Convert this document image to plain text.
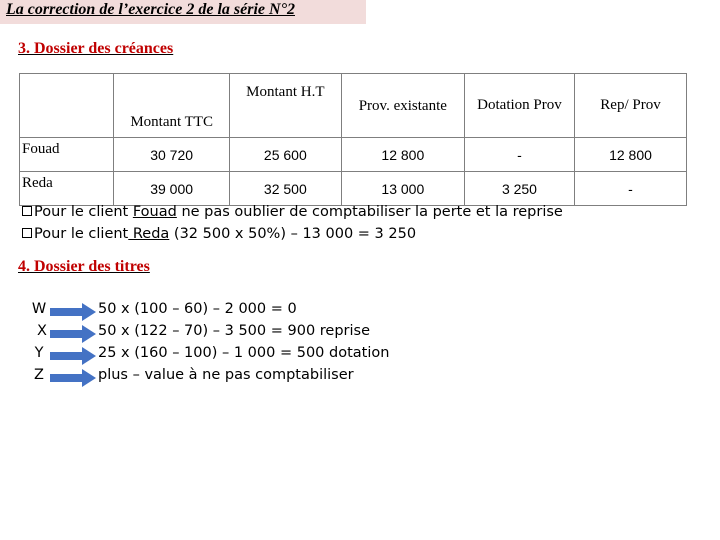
La correction de l’exercice 2 de la série N°2
3. Dossier des créances
	Montant TTC	Montant H.T	Prov. existante	Dotation Prov	Rep/ Prov
Fouad	30 720	25 600	12 800	-	12 800
Reda	39 000	32 500	13 000	3 250	-
Pour le client Fouad ne pas oublier de comptabiliser la perte et la reprise
Pour le client Reda (32 500 x 50%) – 13 000 = 3 250
4. Dossier des titres
W	50 x (100 – 60) – 2 000 = 0
X	50 x (122 – 70) – 3 500 = 900 reprise
Y	25 x (160 – 100) – 1 000 = 500 dotation
Z	plus – value à ne pas comptabiliser
